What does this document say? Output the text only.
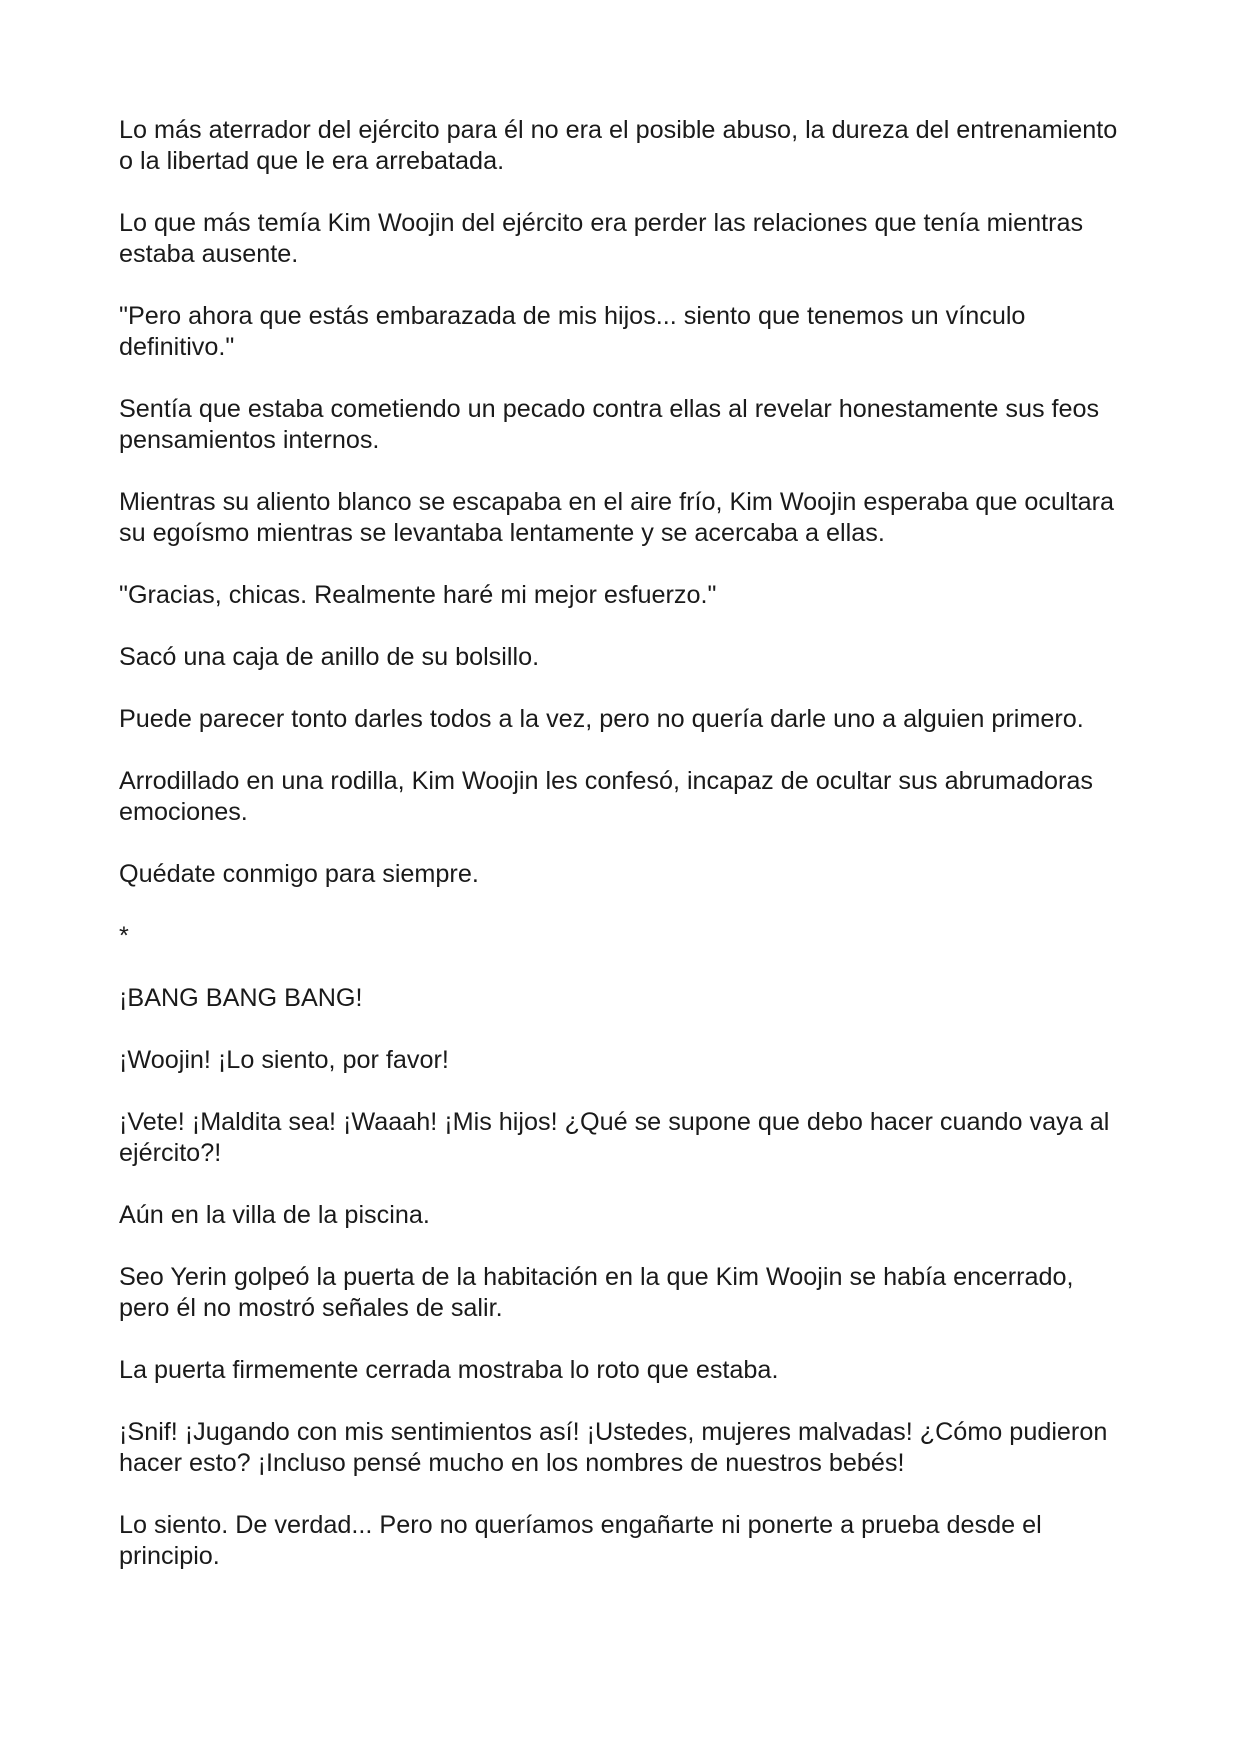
Lo más aterrador del ejército para él no era el posible abuso, la dureza del entrenamiento o la libertad que le era arrebatada.

Lo que más temía Kim Woojin del ejército era perder las relaciones que tenía mientras estaba ausente.

"Pero ahora que estás embarazada de mis hijos... siento que tenemos un vínculo definitivo."

Sentía que estaba cometiendo un pecado contra ellas al revelar honestamente sus feos pensamientos internos.

Mientras su aliento blanco se escapaba en el aire frío, Kim Woojin esperaba que ocultara su egoísmo mientras se levantaba lentamente y se acercaba a ellas.

"Gracias, chicas. Realmente haré mi mejor esfuerzo."

Sacó una caja de anillo de su bolsillo.

Puede parecer tonto darles todos a la vez, pero no quería darle uno a alguien primero.

Arrodillado en una rodilla, Kim Woojin les confesó, incapaz de ocultar sus abrumadoras emociones.

Quédate conmigo para siempre.

*

¡BANG BANG BANG!

¡Woojin! ¡Lo siento, por favor!

¡Vete! ¡Maldita sea! ¡Waaah! ¡Mis hijos! ¿Qué se supone que debo hacer cuando vaya al ejército?!

Aún en la villa de la piscina.

Seo Yerin golpeó la puerta de la habitación en la que Kim Woojin se había encerrado, pero él no mostró señales de salir.

La puerta firmemente cerrada mostraba lo roto que estaba.

¡Snif! ¡Jugando con mis sentimientos así! ¡Ustedes, mujeres malvadas! ¿Cómo pudieron hacer esto? ¡Incluso pensé mucho en los nombres de nuestros bebés!

Lo siento. De verdad... Pero no queríamos engañarte ni ponerte a prueba desde el principio.
